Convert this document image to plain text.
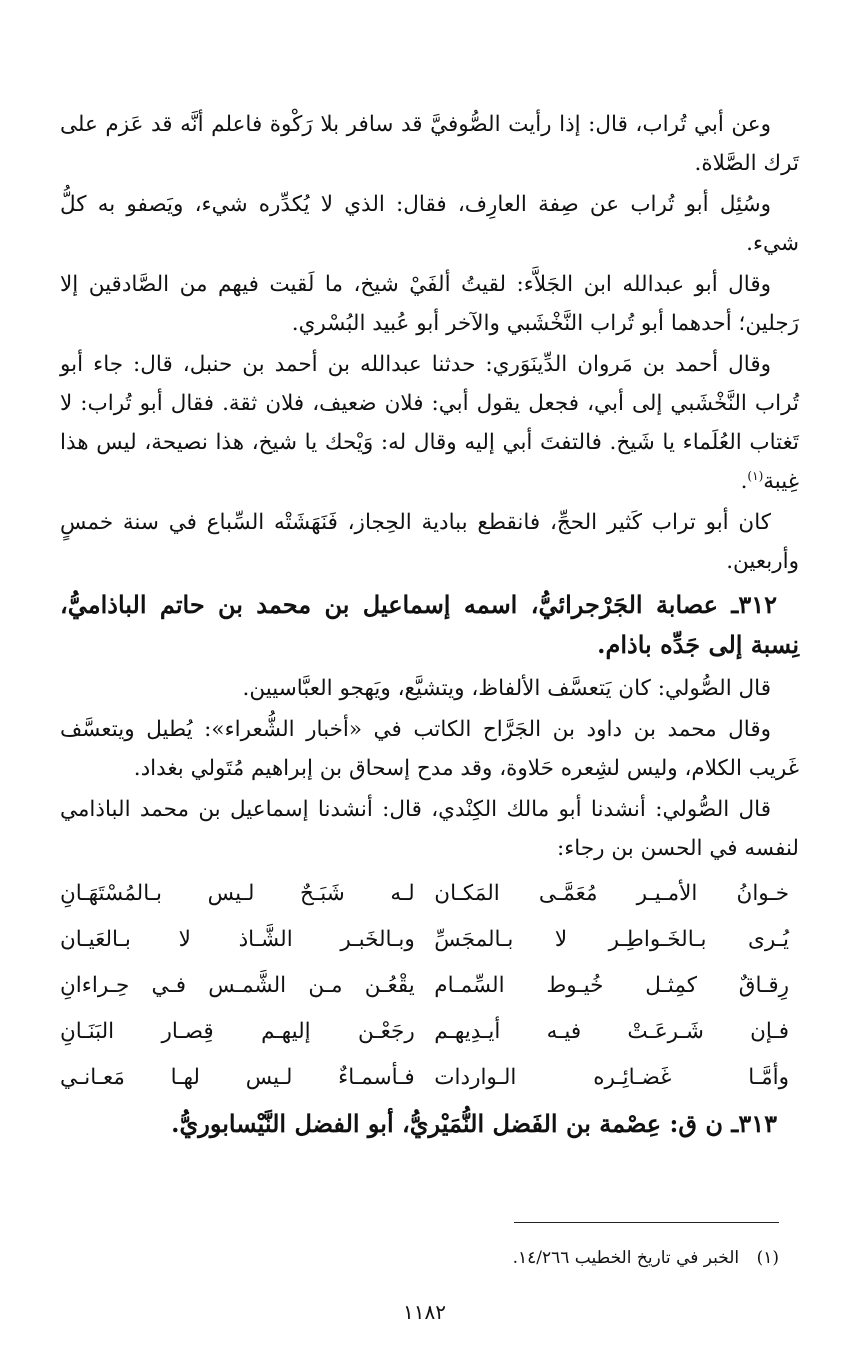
وعن أبي تُراب، قال: إذا رأيت الصُّوفيَّ قد سافر بلا رَكْوة فاعلم أنَّه قد عَزم على تَرك الصَّلاة.

وسُئِل أبو تُراب عن صِفة العارِف، فقال: الذي لا يُكدِّره شيء، ويَصفو به كلُّ شيء.

وقال أبو عبدالله ابن الجَلاَّء: لقيتُ ألفَيْ شيخ، ما لَقيت فيهم من الصَّادقين إلا رَجلين؛ أحدهما أبو تُراب النَّخْشَبي والآخر أبو عُبيد البُسْري.

وقال أحمد بن مَروان الدِّينَوَري: حدثنا عبدالله بن أحمد بن حنبل، قال: جاء أبو تُراب النَّخْشَبي إلى أبي، فجعل يقول أبي: فلان ضعيف، فلان ثقة. فقال أبو تُراب: لا تَغتاب العُلَماء يا شَيخ. فالتفتَ أبي إليه وقال له: وَيْحك يا شيخ، هذا نصيحة، ليس هذا غِيبة$^{(١)}$.

كان أبو تراب كَثير الحجِّ، فانقطع ببادية الحِجاز، فَنَهَشَتْه السِّباع في سنة خمسٍ وأربعين.

٣١٢ـ عصابة الجَرْجرائيُّ، اسمه إسماعيل بن محمد بن حاتم الباذاميُّ، نِسبة إلى جَدِّه باذام.

قال الصُّولي: كان يَتعسَّف الألفاظ، ويتشيَّع، ويَهجو العبَّاسيين.

وقال محمد بن داود بن الجَرَّاح الكاتب في «أخبار الشُّعراء»: يُطيل ويتعسَّف غَريب الكلام، وليس لشِعره حَلاوة، وقد مدح إسحاق بن إبراهيم مُتَولي بغداد.

قال الصُّولي: أنشدنا أبو مالك الكِنْدي، قال: أنشدنا إسماعيل بن محمد الباذامي لنفسه في الحسن بن رجاء:

خـوانُ الأمـيـر مُعَمَّـى المَكـان
لـه شَبَـحٌ لـيس بـالمُسْتَهَـانِ
يُـرى بـالخَـواطِـر لا بـالمجَسِّ
وبـالخَبـر الشَّـاذ لا بـالعَيـان
رِقـاقٌ كمِثـل خُيـوط السِّمـام
يقْعُـن مـن الشَّمـس فـي حِـراءانِ
فـإن شَـرعَـتْ فيـه أيـدِيهـم
رجَعْـن إليهـم قِصـار البَنَـانِ
وأمَّـا غَضـائِـره الـواردات
فـأسمـاءٌ لـيس لهـا مَعـانـي

٣١٣ـ ن ق: عِصْمة بن الفَضل النُّمَيْريُّ، أبو الفضل النَّيْسابوريُّ.

(١) الخبر في تاريخ الخطيب ١٤/٢٦٦.
١١٨٢
